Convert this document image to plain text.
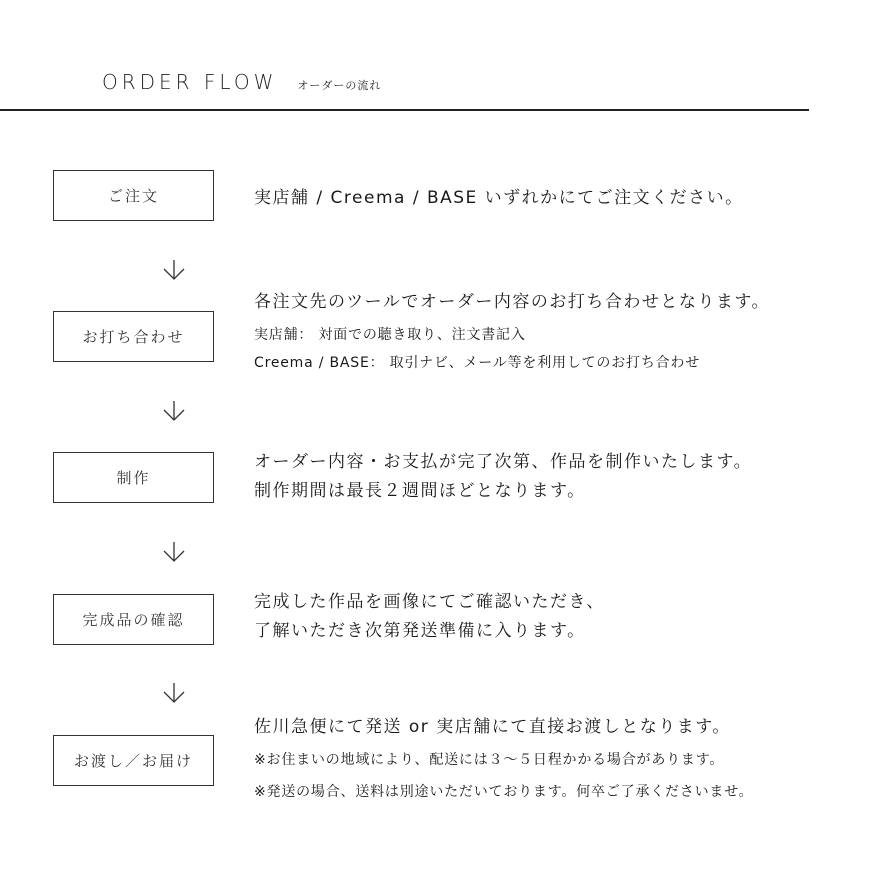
ORDER FLOW オーダーの流れ
ご注文	実店舗 / Creema / BASE いずれかにてご注文ください。
お打ち合わせ
各注文先のツールでオーダー内容のお打ち合わせとなります。
実店舗： 対面での聴き取り、注文書記入
Creema / BASE： 取引ナビ、メール等を利用してのお打ち合わせ
制作
オーダー内容・お支払が完了次第、作品を制作いたします。
制作期間は最長２週間ほどとなります。
完成品の確認
完成した作品を画像にてご確認いただき、
了解いただき次第発送準備に入ります。
お渡し／お届け
佐川急便にて発送 or 実店舗にて直接お渡しとなります。
※お住まいの地域により、配送には３～５日程かかる場合があります。
※発送の場合、送料は別途いただいております。何卒ご了承くださいませ。
